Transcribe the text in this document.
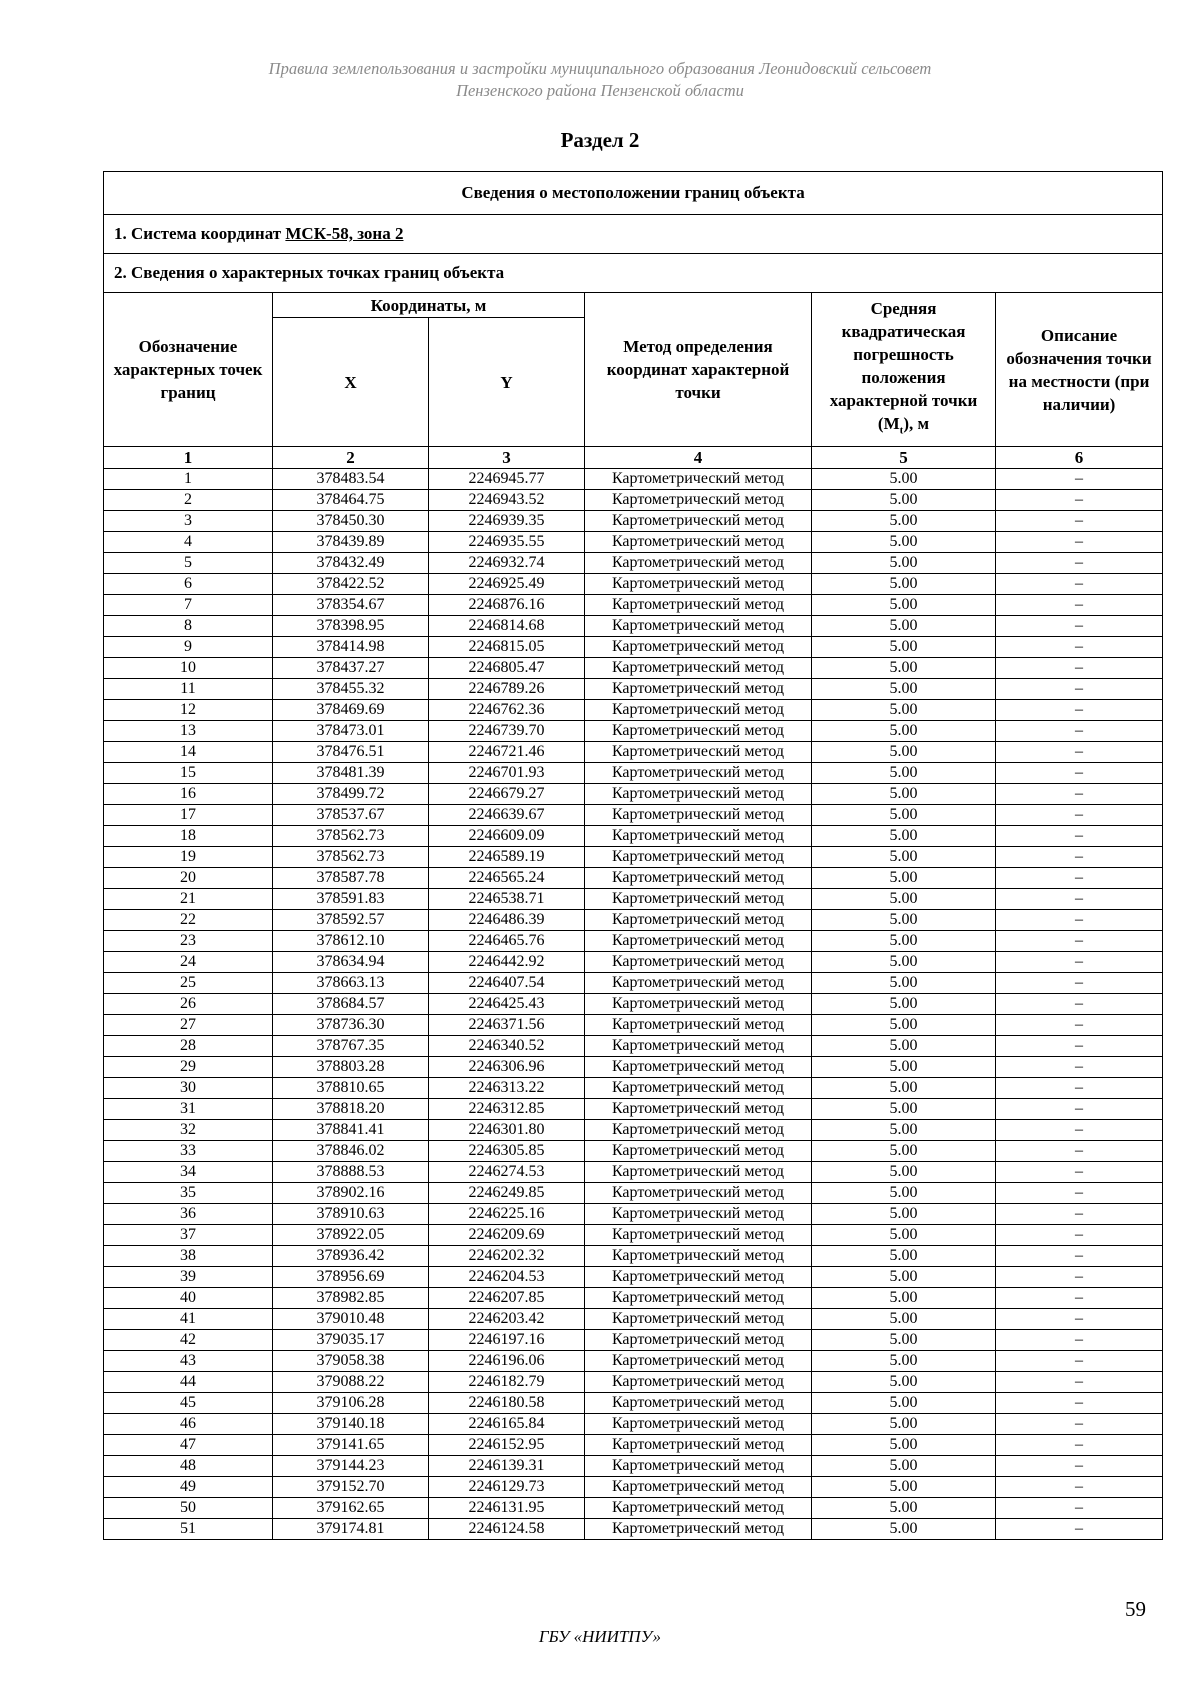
Правила землепользования и застройки муниципального образования Леонидовский сельсовет
Пензенского района Пензенской области
Раздел 2
Сведения о местоположении границ объекта					
1. Система координат МСК-58, зона 2					
2. Сведения о характерных точках границ объекта					
Обозначение характерных точек границ	Координаты, м		Метод определения координат характерной точки	Средняя квадратическая погрешность положения характерной точки $(M_t)$, м	Описание обозначения точки на местности (при наличии)
	X	Y			
1	2	3	4	5	6
1	378483.54	2246945.77	Картометрический метод	5.00	–
2	378464.75	2246943.52	Картометрический метод	5.00	–
3	378450.30	2246939.35	Картометрический метод	5.00	–
4	378439.89	2246935.55	Картометрический метод	5.00	–
5	378432.49	2246932.74	Картометрический метод	5.00	–
6	378422.52	2246925.49	Картометрический метод	5.00	–
7	378354.67	2246876.16	Картометрический метод	5.00	–
8	378398.95	2246814.68	Картометрический метод	5.00	–
9	378414.98	2246815.05	Картометрический метод	5.00	–
10	378437.27	2246805.47	Картометрический метод	5.00	–
11	378455.32	2246789.26	Картометрический метод	5.00	–
12	378469.69	2246762.36	Картометрический метод	5.00	–
13	378473.01	2246739.70	Картометрический метод	5.00	–
14	378476.51	2246721.46	Картометрический метод	5.00	–
15	378481.39	2246701.93	Картометрический метод	5.00	–
16	378499.72	2246679.27	Картометрический метод	5.00	–
17	378537.67	2246639.67	Картометрический метод	5.00	–
18	378562.73	2246609.09	Картометрический метод	5.00	–
19	378562.73	2246589.19	Картометрический метод	5.00	–
20	378587.78	2246565.24	Картометрический метод	5.00	–
21	378591.83	2246538.71	Картометрический метод	5.00	–
22	378592.57	2246486.39	Картометрический метод	5.00	–
23	378612.10	2246465.76	Картометрический метод	5.00	–
24	378634.94	2246442.92	Картометрический метод	5.00	–
25	378663.13	2246407.54	Картометрический метод	5.00	–
26	378684.57	2246425.43	Картометрический метод	5.00	–
27	378736.30	2246371.56	Картометрический метод	5.00	–
28	378767.35	2246340.52	Картометрический метод	5.00	–
29	378803.28	2246306.96	Картометрический метод	5.00	–
30	378810.65	2246313.22	Картометрический метод	5.00	–
31	378818.20	2246312.85	Картометрический метод	5.00	–
32	378841.41	2246301.80	Картометрический метод	5.00	–
33	378846.02	2246305.85	Картометрический метод	5.00	–
34	378888.53	2246274.53	Картометрический метод	5.00	–
35	378902.16	2246249.85	Картометрический метод	5.00	–
36	378910.63	2246225.16	Картометрический метод	5.00	–
37	378922.05	2246209.69	Картометрический метод	5.00	–
38	378936.42	2246202.32	Картометрический метод	5.00	–
39	378956.69	2246204.53	Картометрический метод	5.00	–
40	378982.85	2246207.85	Картометрический метод	5.00	–
41	379010.48	2246203.42	Картометрический метод	5.00	–
42	379035.17	2246197.16	Картометрический метод	5.00	–
43	379058.38	2246196.06	Картометрический метод	5.00	–
44	379088.22	2246182.79	Картометрический метод	5.00	–
45	379106.28	2246180.58	Картометрический метод	5.00	–
46	379140.18	2246165.84	Картометрический метод	5.00	–
47	379141.65	2246152.95	Картометрический метод	5.00	–
48	379144.23	2246139.31	Картометрический метод	5.00	–
49	379152.70	2246129.73	Картометрический метод	5.00	–
50	379162.65	2246131.95	Картометрический метод	5.00	–
51	379174.81	2246124.58	Картометрический метод	5.00	–
59
ГБУ «НИИТПУ»
